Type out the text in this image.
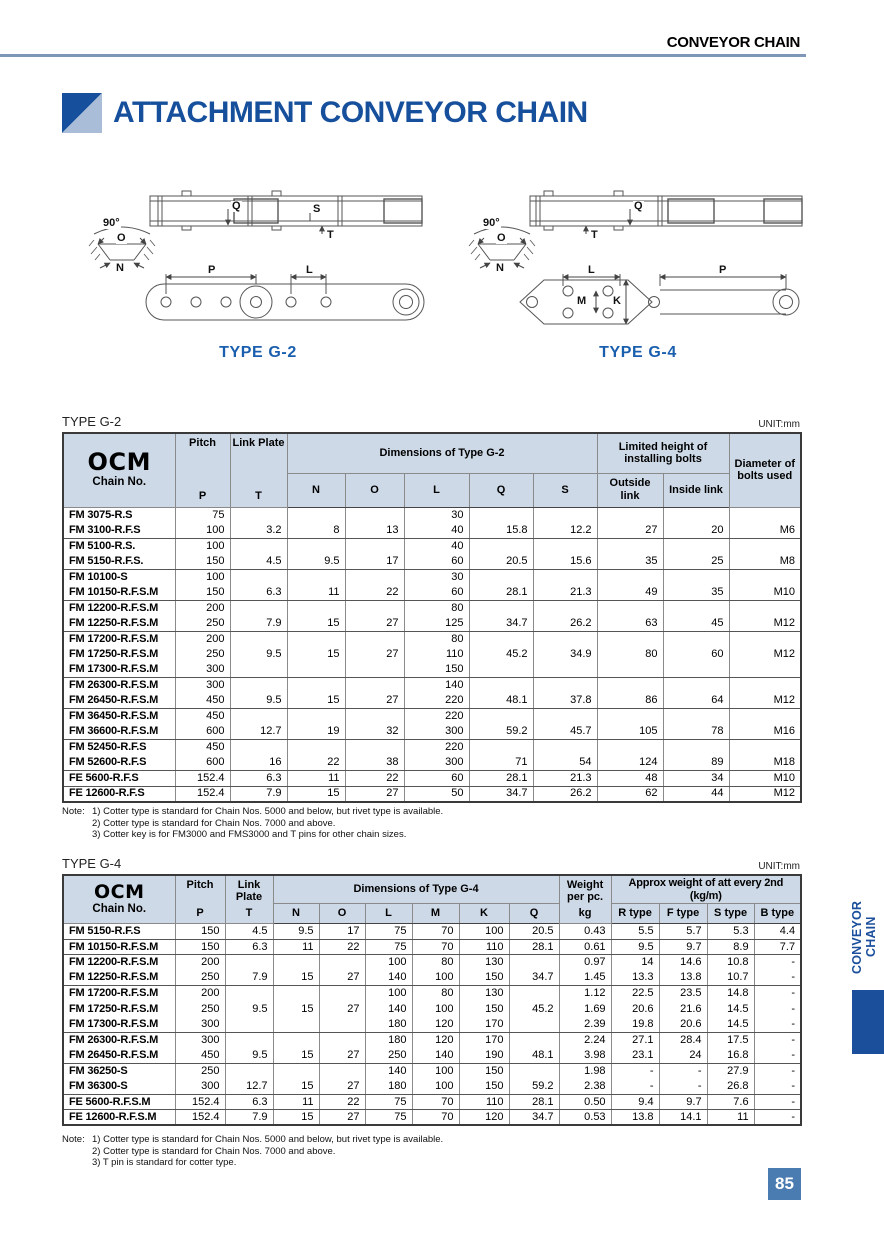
CONVEYOR CHAIN
ATTACHMENT CONVEYOR CHAIN
90°
O
N
Q	S
T
P	L
TYPE G-2
90°
O
N
Q
T
L	P
M K
TYPE G-4
TYPE G-2	UNIT:mm
OCM
Chain No.

Pitch
P

Link Plate
T
	Dimensions of Type G-2	Limited height of installing bolts	Diameter of bolts used
			N	O	L	Q	S	Outside link	Inside link	
FM 3075-R.S	75				30					
FM 3100-R.F.S	100	3.2	8	13	40	15.8	12.2	27	20	M6
FM 5100-R.S.	100				40					
FM 5150-R.F.S.	150	4.5	9.5	17	60	20.5	15.6	35	25	M8
FM 10100-S	100				30					
FM 10150-R.F.S.M	150	6.3	11	22	60	28.1	21.3	49	35	M10
FM 12200-R.F.S.M	200				80					
FM 12250-R.F.S.M	250	7.9	15	27	125	34.7	26.2	63	45	M12
FM 17200-R.F.S.M	200				80					
FM 17250-R.F.S.M	250	9.5	15	27	110	45.2	34.9	80	60	M12
FM 17300-R.F.S.M	300				150					
FM 26300-R.F.S.M	300				140					
FM 26450-R.F.S.M	450	9.5	15	27	220	48.1	37.8	86	64	M12
FM 36450-R.F.S.M	450				220					
FM 36600-R.F.S.M	600	12.7	19	32	300	59.2	45.7	105	78	M16
FM 52450-R.F.S	450				220					
FM 52600-R.F.S	600	16	22	38	300	71	54	124	89	M18
FE 5600-R.F.S	152.4	6.3	11	22	60	28.1	21.3	48	34	M10
FE 12600-R.F.S	152.4	7.9	15	27	50	34.7	26.2	62	44	M12
Note: 1) Cotter type is standard for Chain Nos. 5000 and below, but rivet type is available.
2) Cotter type is standard for Chain Nos. 7000 and above.
3) Cotter key is for FM3000 and FMS3000 and T pins for other chain sizes.
TYPE G-4	UNIT:mm
OCM
Chain No.

Pitch
P

Link Plate
T
	Dimensions of Type G-4	Weight per pc.
kg
	Approx weight of att every 2nd (kg/m)
			N	O	L	M	K	Q		R type	F type	S type	B type
FM 5150-R.F.S	150	4.5	9.5	17	75	70	100	20.5	0.43	5.5	5.7	5.3	4.4
FM 10150-R.F.S.M	150	6.3	11	22	75	70	110	28.1	0.61	9.5	9.7	8.9	7.7
FM 12200-R.F.S.M	200				100	80	130		0.97	14	14.6	10.8	-
FM 12250-R.F.S.M	250	7.9	15	27	140	100	150	34.7	1.45	13.3	13.8	10.7	-
FM 17200-R.F.S.M	200				100	80	130		1.12	22.5	23.5	14.8	-
FM 17250-R.F.S.M	250	9.5	15	27	140	100	150	45.2	1.69	20.6	21.6	14.5	-
FM 17300-R.F.S.M	300				180	120	170		2.39	19.8	20.6	14.5	-
FM 26300-R.F.S.M	300				180	120	170		2.24	27.1	28.4	17.5	-
FM 26450-R.F.S.M	450	9.5	15	27	250	140	190	48.1	3.98	23.1	24	16.8	-
FM 36250-S	250				140	100	150		1.98	-	-	27.9	-
FM 36300-S	300	12.7	15	27	180	100	150	59.2	2.38	-	-	26.8	-
FE 5600-R.F.S.M	152.4	6.3	11	22	75	70	110	28.1	0.50	9.4	9.7	7.6	-
FE 12600-R.F.S.M	152.4	7.9	15	27	75	70	120	34.7	0.53	13.8	14.1	11	-
Note: 1) Cotter type is standard for Chain Nos. 5000 and below, but rivet type is available.
2) Cotter type is standard for Chain Nos. 7000 and above.
3) T pin is standard for cotter type.
CONVEYOR CHAIN
85
